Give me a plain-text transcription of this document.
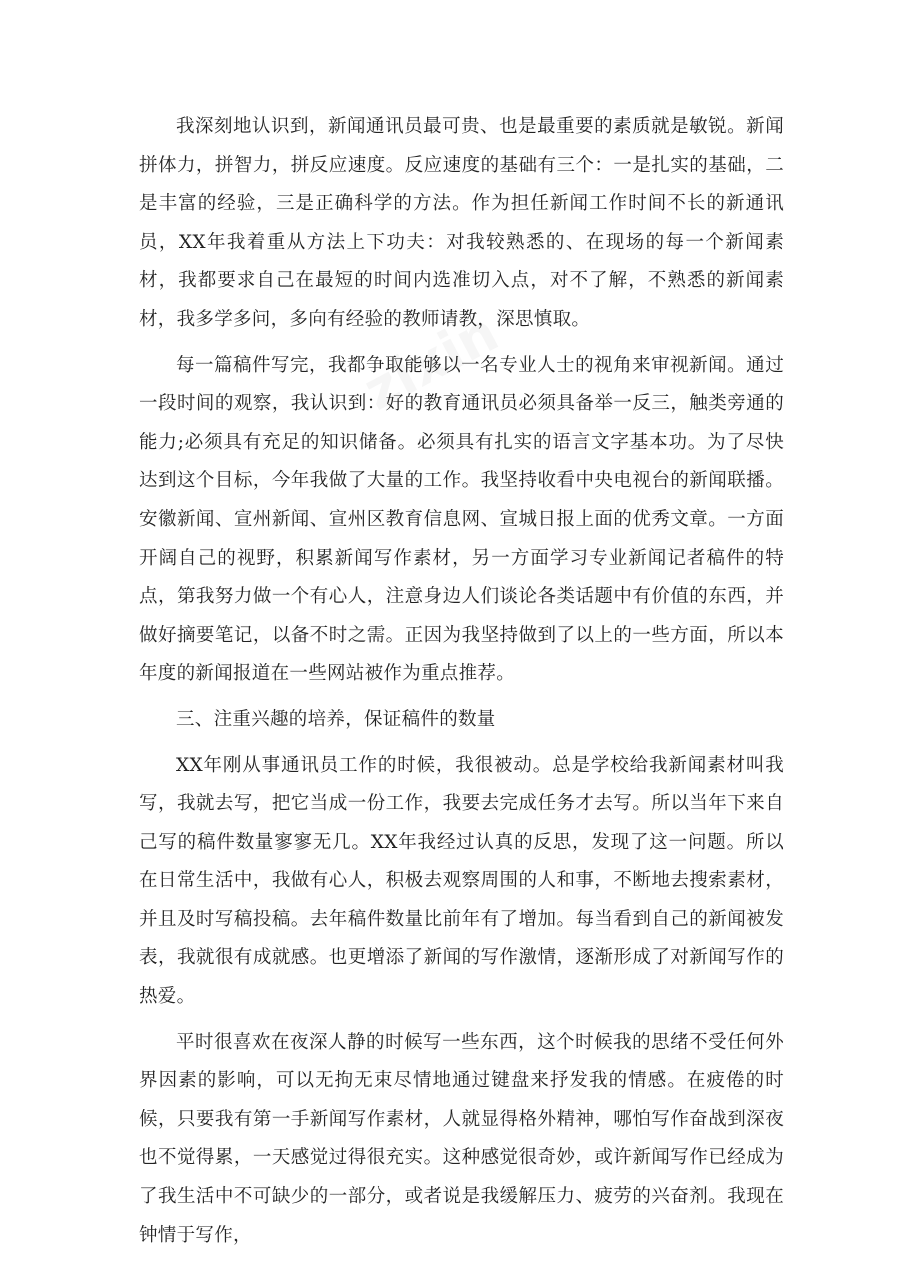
我深刻地认识到，新闻通讯员最可贵、也是最重要的素质就是敏锐。新闻拼体力，拼智力，拼反应速度。反应速度的基础有三个：一是扎实的基础，二是丰富的经验，三是正确科学的方法。作为担任新闻工作时间不长的新通讯员，XX年我着重从方法上下功夫：对我较熟悉的、在现场的每一个新闻素材，我都要求自己在最短的时间内选准切入点，对不了解，不熟悉的新闻素材，我多学多问，多向有经验的教师请教，深思慎取。

每一篇稿件写完，我都争取能够以一名专业人士的视角来审视新闻。通过一段时间的观察，我认识到：好的教育通讯员必须具备举一反三，触类旁通的能力;必须具有充足的知识储备。必须具有扎实的语言文字基本功。为了尽快达到这个目标，今年我做了大量的工作。我坚持收看中央电视台的新闻联播。安徽新闻、宣州新闻、宣州区教育信息网、宣城日报上面的优秀文章。一方面开阔自己的视野，积累新闻写作素材，另一方面学习专业新闻记者稿件的特点，第我努力做一个有心人，注意身边人们谈论各类话题中有价值的东西，并做好摘要笔记，以备不时之需。正因为我坚持做到了以上的一些方面，所以本年度的新闻报道在一些网站被作为重点推荐。

三、注重兴趣的培养，保证稿件的数量

XX年刚从事通讯员工作的时候，我很被动。总是学校给我新闻素材叫我写，我就去写，把它当成一份工作，我要去完成任务才去写。所以当年下来自己写的稿件数量寥寥无几。XX年我经过认真的反思，发现了这一问题。所以在日常生活中，我做有心人，积极去观察周围的人和事，不断地去搜索素材，并且及时写稿投稿。去年稿件数量比前年有了增加。每当看到自己的新闻被发表，我就很有成就感。也更增添了新闻的写作激情，逐渐形成了对新闻写作的热爱。

平时很喜欢在夜深人静的时候写一些东西，这个时候我的思绪不受任何外界因素的影响，可以无拘无束尽情地通过键盘来抒发我的情感。在疲倦的时候，只要我有第一手新闻写作素材，人就显得格外精神，哪怕写作奋战到深夜也不觉得累，一天感觉过得很充实。这种感觉很奇妙，或许新闻写作已经成为了我生活中不可缺少的一部分，或者说是我缓解压力、疲劳的兴奋剂。我现在钟情于写作，
